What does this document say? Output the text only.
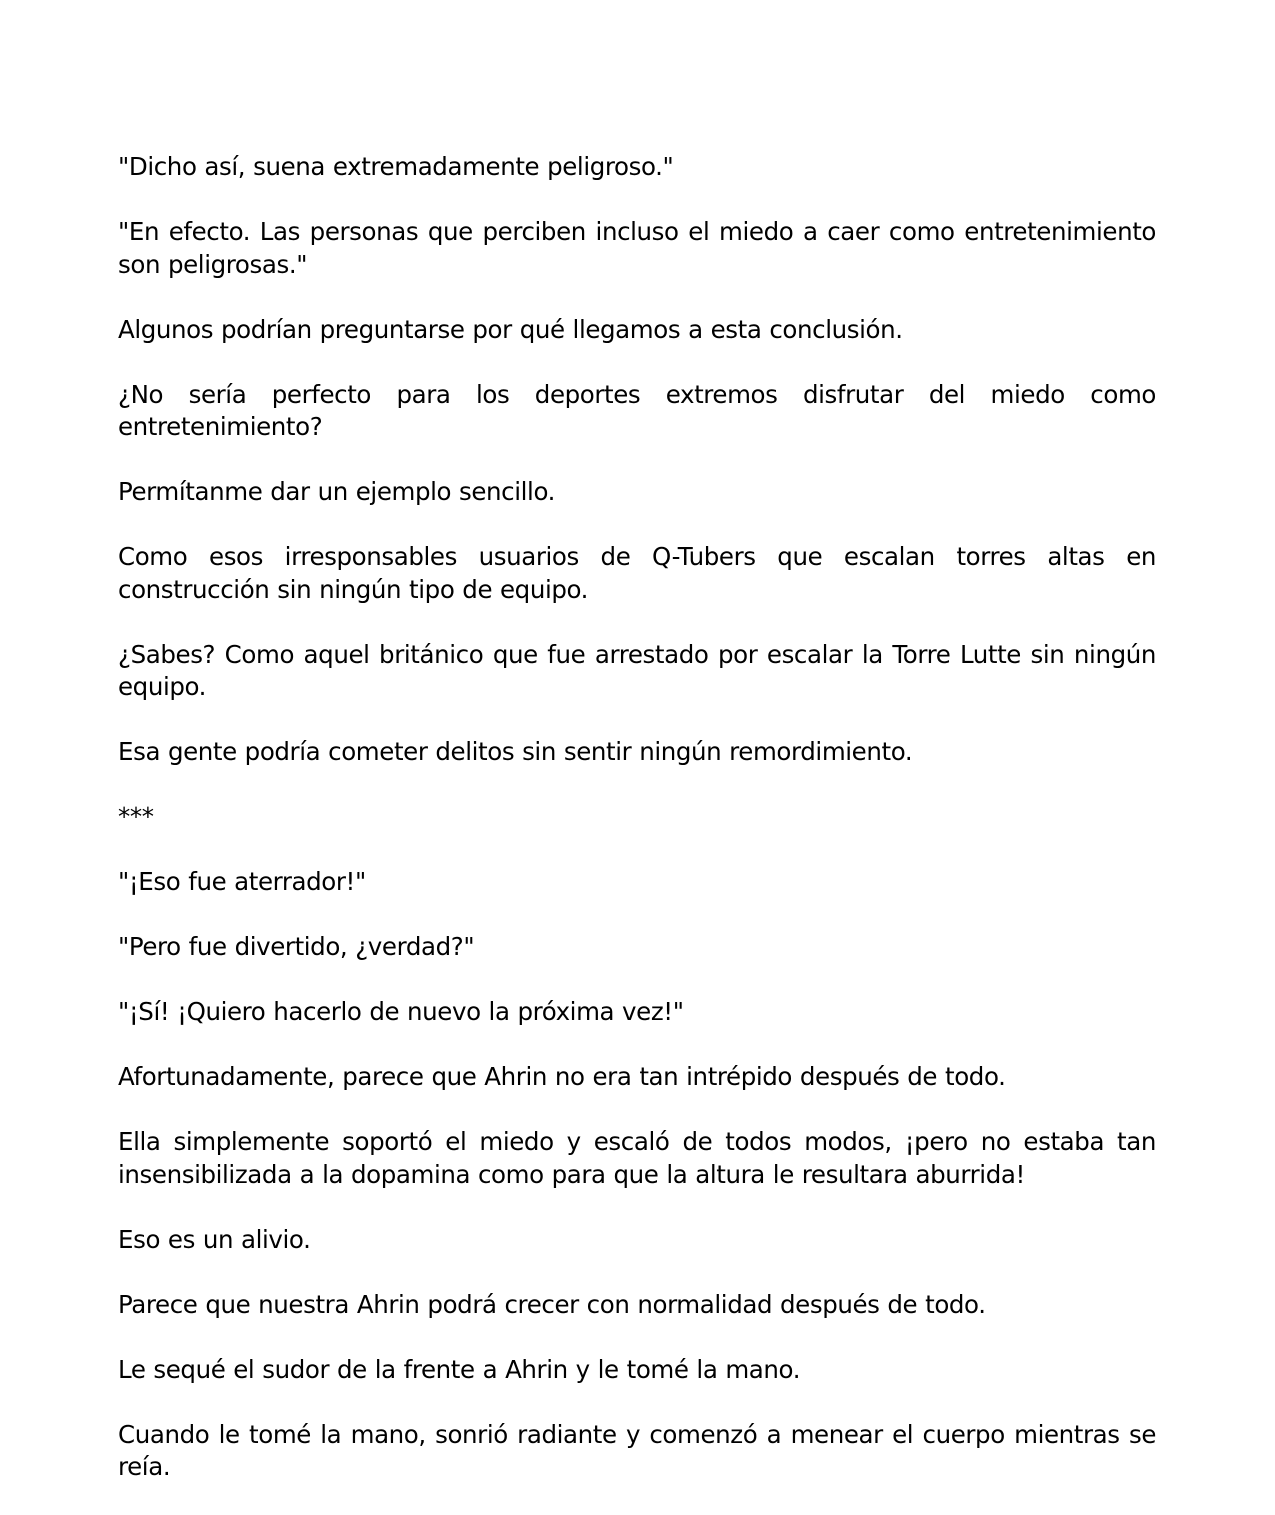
"Dicho así, suena extremadamente peligroso."

"En efecto. Las personas que perciben incluso el miedo a caer como entretenimiento son peligrosas."

Algunos podrían preguntarse por qué llegamos a esta conclusión.

¿No sería perfecto para los deportes extremos disfrutar del miedo como entretenimiento?

Permítanme dar un ejemplo sencillo.

Como esos irresponsables usuarios de Q-Tubers que escalan torres altas en construcción sin ningún tipo de equipo.

¿Sabes? Como aquel británico que fue arrestado por escalar la Torre Lutte sin ningún equipo.

Esa gente podría cometer delitos sin sentir ningún remordimiento.

***

"¡Eso fue aterrador!"

"Pero fue divertido, ¿verdad?"

"¡Sí! ¡Quiero hacerlo de nuevo la próxima vez!"

Afortunadamente, parece que Ahrin no era tan intrépido después de todo.

Ella simplemente soportó el miedo y escaló de todos modos, ¡pero no estaba tan insensibilizada a la dopamina como para que la altura le resultara aburrida!

Eso es un alivio.

Parece que nuestra Ahrin podrá crecer con normalidad después de todo.

Le sequé el sudor de la frente a Ahrin y le tomé la mano.

Cuando le tomé la mano, sonrió radiante y comenzó a menear el cuerpo mientras se reía.
